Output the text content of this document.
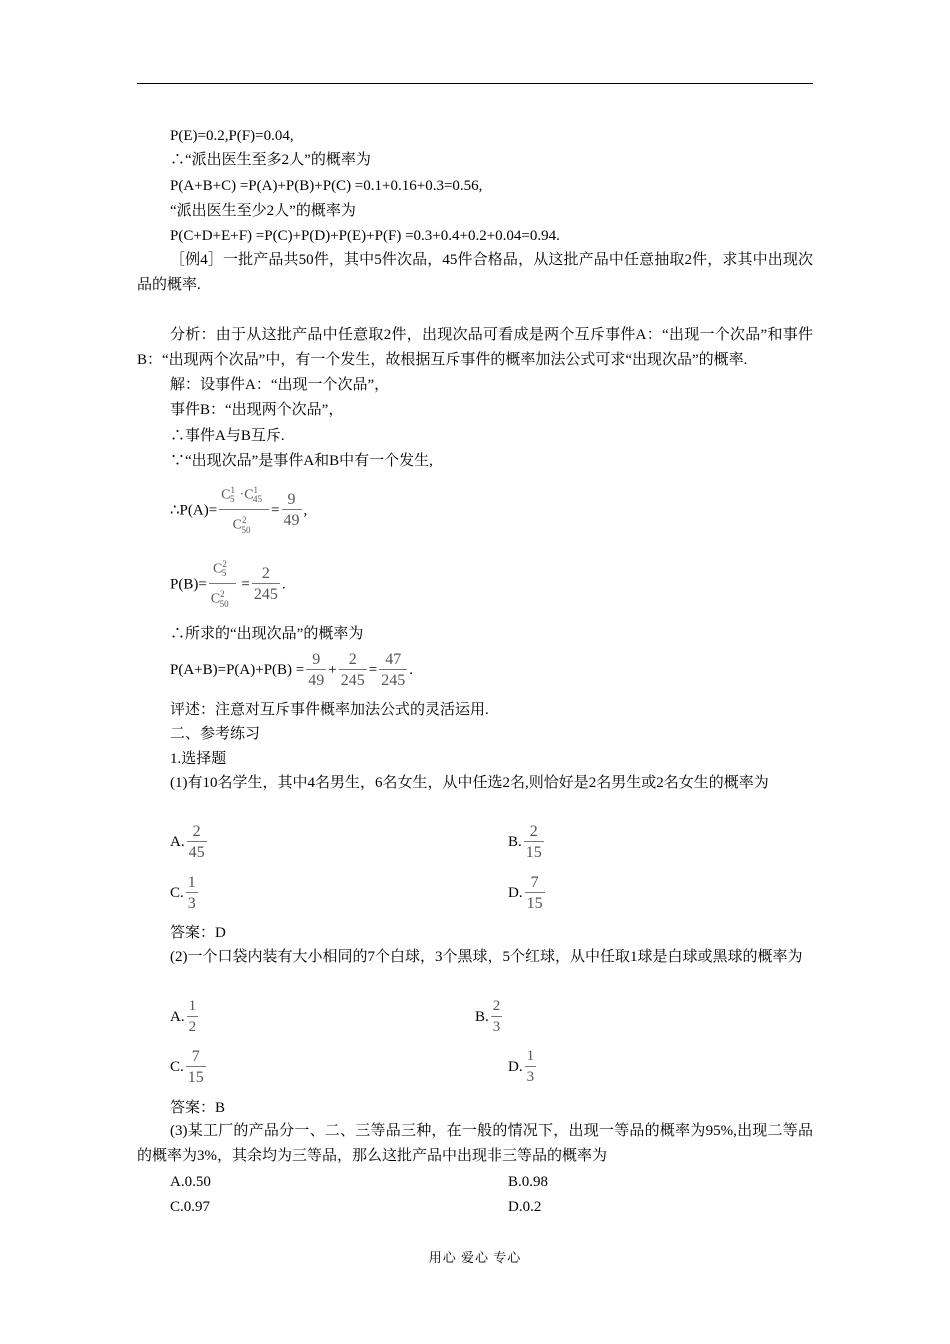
P(E)=0.2,P(F)=0.04,
∴“派出医生至多2人”的概率为
P(A+B+C) =P(A)+P(B)+P(C) =0.1+0.16+0.3=0.56,
“派出医生至少2人”的概率为
P(C+D+E+F) =P(C)+P(D)+P(E)+P(F) =0.3+0.4+0.2+0.04=0.94.
［例4］一批产品共50件，其中5件次品，45件合格品，从这批产品中任意抽取2件，求其中出现次品的概率.
分析：由于从这批产品中任意取2件，出现次品可看成是两个互斥事件A：“出现一个次品”和事件B：“出现两个次品”中，有一个发生，故根据互斥事件的概率加法公式可求“出现次品”的概率.
解：设事件A：“出现一个次品”，
事件B：“出现两个次品”，
∴事件A与B互斥.
∵“出现次品”是事件A和B中有一个发生,
∴P(A)= $\frac{C^1_5 \cdot C^1_{45}}{C^2_{50}} = \frac{9}{49}$ ,
$P(B)= \frac{C^2_5}{C^2_{50}} = \frac{2}{245}$ .
∴所求的“出现次品”的概率为
$P(A+B)=P(A)+P(B) = \frac{9}{49} + \frac{2}{245} = \frac{47}{245}$ .
评述：注意对互斥事件概率加法公式的灵活运用.
二、参考练习
1.选择题
(1)有10名学生，其中4名男生，6名女生，从中任选2名,则恰好是2名男生或2名女生的概率为
A. $\frac{2}{45}$	B. $\frac{2}{15}$
C. $\frac{1}{3}$	D. $\frac{7}{15}$
答案：D
(2)一个口袋内装有大小相同的7个白球，3个黑球，5个红球，从中任取1球是白球或黑球的概率为
A. $\frac{1}{2}$	B. $\frac{2}{3}$
C. $\frac{7}{15}$	D. $\frac{1}{3}$
答案：B
(3)某工厂的产品分一、二、三等品三种，在一般的情况下，出现一等品的概率为95%,出现二等品的概率为3%，其余均为三等品，那么这批产品中出现非三等品的概率为
A.0.50	B.0.98
C.0.97	D.0.2
用心 爱心 专心
